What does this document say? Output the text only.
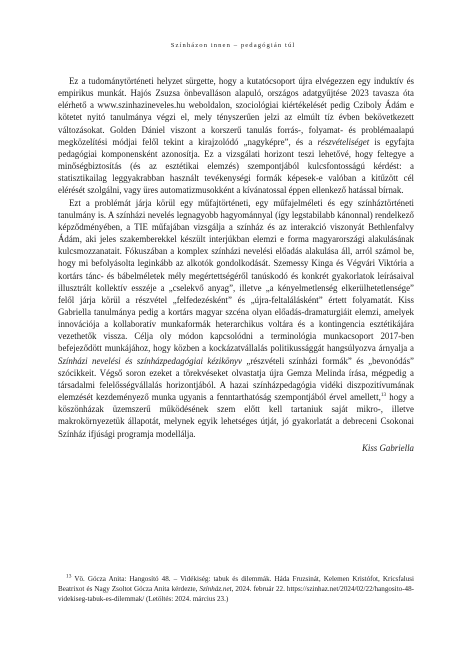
Színházon innen – pedagógián túl

Ez a tudománytörténeti helyzet sürgette, hogy a kutatócsoport újra elvégezzen egy induktív és empirikus munkát. Hajós Zsuzsa önbevalláson alapuló, országos adatgyűjtése 2023 tavasza óta elérhető a www.szinhazineveles.hu weboldalon, szociológiai kiértékelését pedig Cziboly Ádám e kötetet nyitó tanulmánya végzi el, mely tényszerűen jelzi az elmúlt tíz évben bekövetkezett változásokat. Golden Dániel viszont a korszerű tanulás forrás-, folyamat- és problémaalapú megközelítési módjai felől tekint a kirajzolódó „nagyképre”, és a részvételiséget is egyfajta pedagógiai komponensként azonosítja. Ez a vizsgálati horizont teszi lehetővé, hogy feltegye a minőségbiztosítás (és az esztétikai elemzés) szempontjából kulcsfontosságú kérdést: a statisztikailag leggyakrabban használt tevékenységi formák képesek-e valóban a kitűzött cél elérését szolgálni, vagy üres automatizmusokként a kívánatossal éppen ellenkező hatással bírnak.

Ezt a problémát járja körül egy műfajtörténeti, egy műfajelméleti és egy színháztörténeti tanulmány is. A színházi nevelés legnagyobb hagyománnyal (így legstabilabb kánonnal) rendelkező képződményében, a TIE műfajában vizsgálja a színház és az interakció viszonyát Bethlenfalvy Ádám, aki jeles szakemberekkel készült interjúkban elemzi e forma magyarországi alakulásának kulcsmozzanatait. Fókuszában a komplex színházi nevelési előadás alakulása áll, arról számol be, hogy mi befolyásolta leginkább az alkotók gondolkodását. Szemessy Kinga és Végvári Viktória a kortárs tánc- és bábelméletek mély megértettségéről tanúskodó és konkrét gyakorlatok leírásaival illusztrált kollektív esszéje a „cselekvő anyag”, illetve „a kényelmetlenség elkerülhetetlensége” felől járja körül a részvétel „felfedezésként” és „újra-feltalálásként” értett folyamatát. Kiss Gabriella tanulmánya pedig a kortárs magyar szcéna olyan előadás-dramaturgiáit elemzi, amelyek innovációja a kollaboratív munkaformák heterarchikus voltára és a kontingencia esztétikájára vezethetők vissza. Célja oly módon kapcsolódni a terminológia munkacsoport 2017-ben befejeződött munkájához, hogy közben a kockázatvállalás politikussággát hangsúlyozva árnyalja a Színházi nevelési és színházpedagógiai kézikönyv „részvételi színházi formák” és „bevonódás” szócikkeit. Végső soron ezeket a törekvéseket olvastatja újra Gemza Melinda írása, mégpedig a társadalmi felelősségvállalás horizontjából. A hazai színházpedagógia vidéki diszpozitívumának elemzését kezdeményező munka ugyanis a fenntarthatóság szempontjából érvel amellett,$^{13}$ hogy a köszönházak üzemszerű működésének szem előtt kell tartaniuk saját mikro-, illetve makrokörnyezetük állapotát, melynek egyik lehetséges útját, jó gyakorlatát a debreceni Csokonai Színház ifjúsági programja modellálja.

Kiss Gabriella

$^{13}$ Vö. Gócza Anita: Hangosító 48. – Vidékiség: tabuk és dilemmák. Háda Fruzsinát, Kelemen Kristófot, Kricsfalusi Beatrixot és Nagy Zsoltot Gócza Anita kérdezte, Színház.net, 2024. február 22. https://szinhaz.net/2024/02/22/hangosito-48-videkiseg-tabuk-es-dilemmak/ (Letöltés: 2024. március 23.)
